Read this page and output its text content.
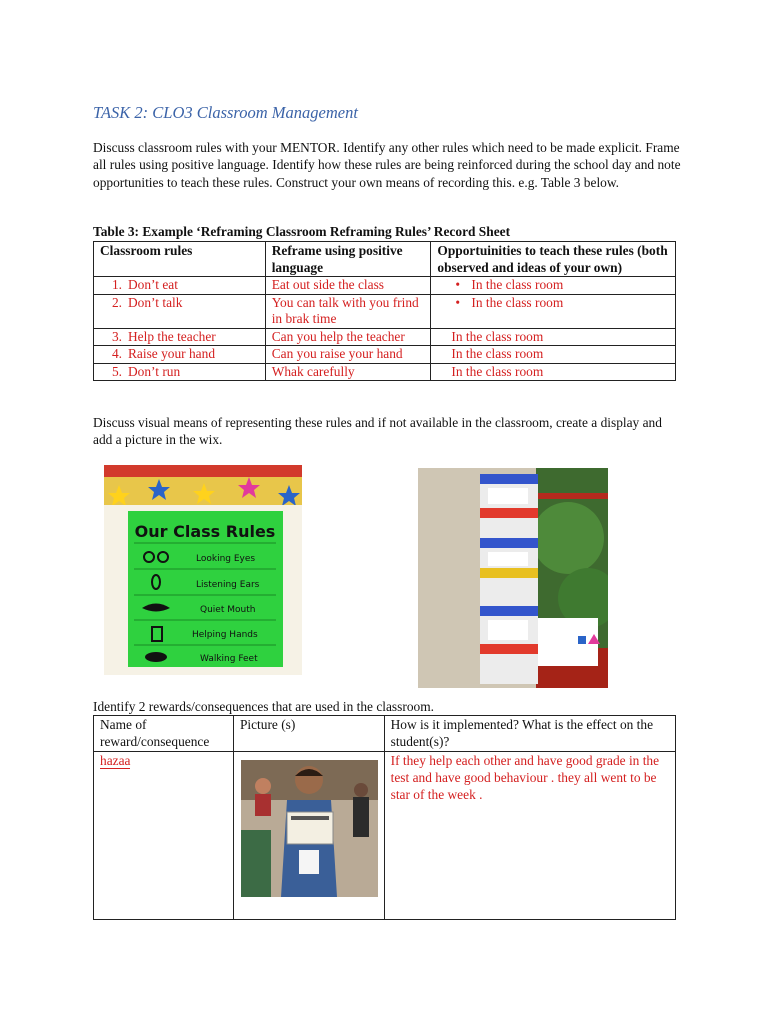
TASK 2: CLO3 Classroom Management
Discuss classroom rules with your MENTOR. Identify any other rules which need to be made explicit. Frame all rules using positive language. Identify how these rules are being reinforced during the school day and note opportunities to teach these rules. Construct your own means of recording this. e.g. Table 3 below.
Table 3: Example ‘Reframing Classroom Reframing Rules’ Record Sheet
Classroom rules	Reframe using positive language	Opportuinities to teach these rules (both observed and ideas of your own)
1. Don’t eat	Eat out side the class	• In the class room
2. Don’t talk	You can talk with you frind in brak time	• In the class room
3. Help the teacher	Can you help the teacher	In the class room
4. Raise your hand	Can you raise your hand	In the class room
5. Don’t run	Whak carefully	In the class room
Discuss visual means of representing these rules and if not available in the classroom, create a display and add a picture in the wix.
Our Class Rules
Looking Eyes
Listening Ears
Quiet Mouth
Helping Hands
Walking Feet
Identify 2 rewards/consequences that are used in the classroom.
Name of reward/consequence	Picture (s)	How is it implemented? What is the effect on the student(s)?
hazaa		If they help each other and have good grade in the test and have good behaviour . they all went to be star of the week .
